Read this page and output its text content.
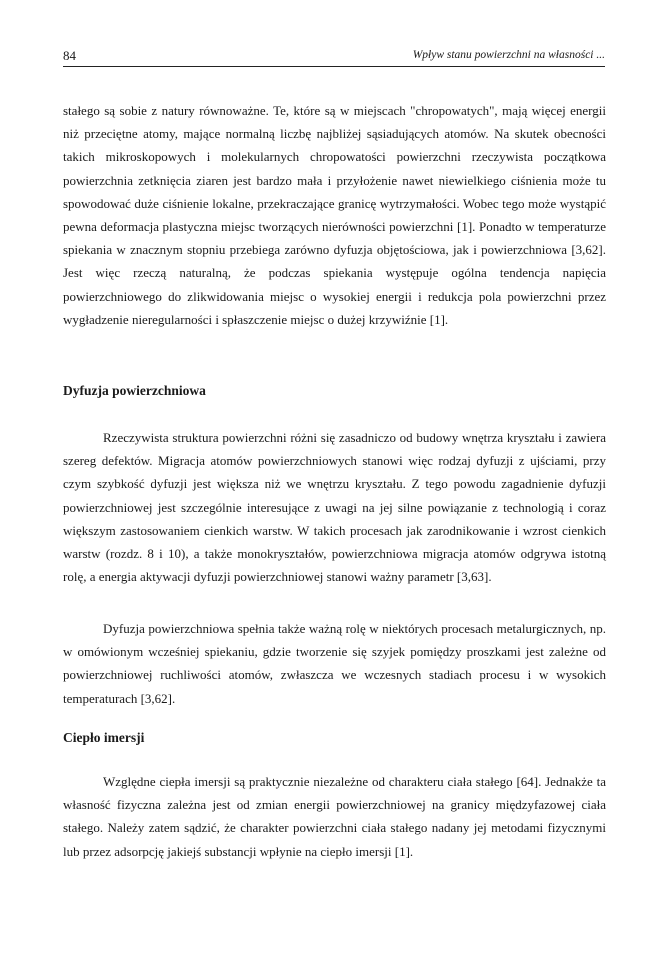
84	Wpływ stanu powierzchni na własności ...

stałego są sobie z natury równoważne. Te, które są w miejscach "chropowatych", mają więcej energii niż przeciętne atomy, mające normalną liczbę najbliżej sąsiadujących atomów. Na skutek obecności takich mikroskopowych i molekularnych chropowatości powierzchni rzeczywista początkowa powierzchnia zetknięcia ziaren jest bardzo mała i przyłożenie nawet niewielkiego ciśnienia może tu spowodować duże ciśnienie lokalne, przekraczające granicę wytrzymałości. Wobec tego może wystąpić pewna deformacja plastyczna miejsc tworzących nierówności powierzchni [1]. Ponadto w temperaturze spiekania w znacznym stopniu przebiega zarówno dyfuzja objętościowa, jak i powierzchniowa [3,62]. Jest więc rzeczą naturalną, że podczas spiekania występuje ogólna tendencja napięcia powierzchniowego do zlikwidowania miejsc o wysokiej energii i redukcja pola powierzchni przez wygładzenie nieregularności i spłaszczenie miejsc o dużej krzywiźnie [1].

Dyfuzja powierzchniowa

Rzeczywista struktura powierzchni różni się zasadniczo od budowy wnętrza kryształu i zawiera szereg defektów. Migracja atomów powierzchniowych stanowi więc rodzaj dyfuzji z ujściami, przy czym szybkość dyfuzji jest większa niż we wnętrzu kryształu. Z tego powodu zagadnienie dyfuzji powierzchniowej jest szczególnie interesujące z uwagi na jej silne powiązanie z technologią i coraz większym zastosowaniem cienkich warstw. W takich procesach jak zarodnikowanie i wzrost cienkich warstw (rozdz. 8 i 10), a także monokryształów, powierzchniowa migracja atomów odgrywa istotną rolę, a energia aktywacji dyfuzji powierzchniowej stanowi ważny parametr [3,63].

Dyfuzja powierzchniowa spełnia także ważną rolę w niektórych procesach metalurgicznych, np. w omówionym wcześniej spiekaniu, gdzie tworzenie się szyjek pomiędzy proszkami jest zależne od powierzchniowej ruchliwości atomów, zwłaszcza we wczesnych stadiach procesu i w wysokich temperaturach [3,62].

Ciepło imersji

Względne ciepła imersji są praktycznie niezależne od charakteru ciała stałego [64]. Jednakże ta własność fizyczna zależna jest od zmian energii powierzchniowej na granicy międzyfazowej ciała stałego. Należy zatem sądzić, że charakter powierzchni ciała stałego nadany jej metodami fizycznymi lub przez adsorpcję jakiejś substancji wpłynie na ciepło imersji [1].
